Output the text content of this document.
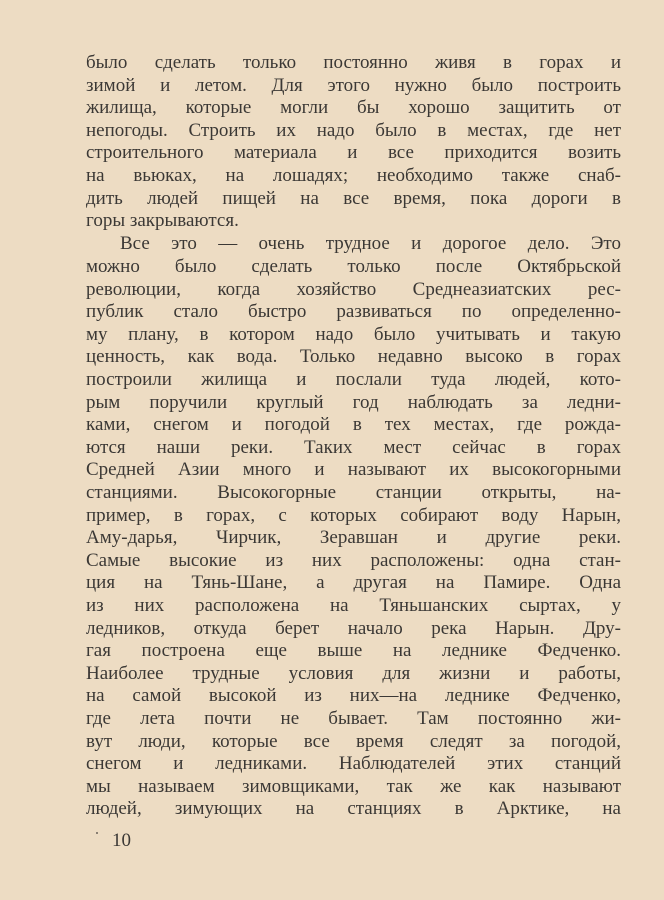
было сделать только постоянно живя в горах и
зимой и летом. Для этого нужно было построить
жилища, которые могли бы хорошо защитить от
непогоды. Строить их надо было в местах, где нет
строительного материала и все приходится возить
на вьюках, на лошадях; необходимо также снаб-
дить людей пищей на все время, пока дороги в
горы закрываются.
Все это — очень трудное и дорогое дело. Это
можно было сделать только после Октябрьской
революции, когда хозяйство Среднеазиатских рес-
публик стало быстро развиваться по определенно-
му плану, в котором надо было учитывать и такую
ценность, как вода. Только недавно высоко в горах
построили жилища и послали туда людей, кото-
рым поручили круглый год наблюдать за ледни-
ками, снегом и погодой в тех местах, где рожда-
ются наши реки. Таких мест сейчас в горах
Средней Азии много и называют их высокогорными
станциями. Высокогорные станции открыты, на-
пример, в горах, с которых собирают воду Нарын,
Аму-дарья, Чирчик, Зеравшан и другие реки.
Самые высокие из них расположены: одна стан-
ция на Тянь-Шане, а другая на Памире. Одна
из них расположена на Тяньшанских сыртах, у
ледников, откуда берет начало река Нарын. Дру-
гая построена еще выше на леднике Федченко.
Наиболее трудные условия для жизни и работы,
на самой высокой из них—на леднике Федченко,
где лета почти не бывает. Там постоянно жи-
вут люди, которые все время следят за погодой,
снегом и ледниками. Наблюдателей этих станций
мы называем зимовщиками, так же как называют
людей, зимующих на станциях в Арктике, на
10
